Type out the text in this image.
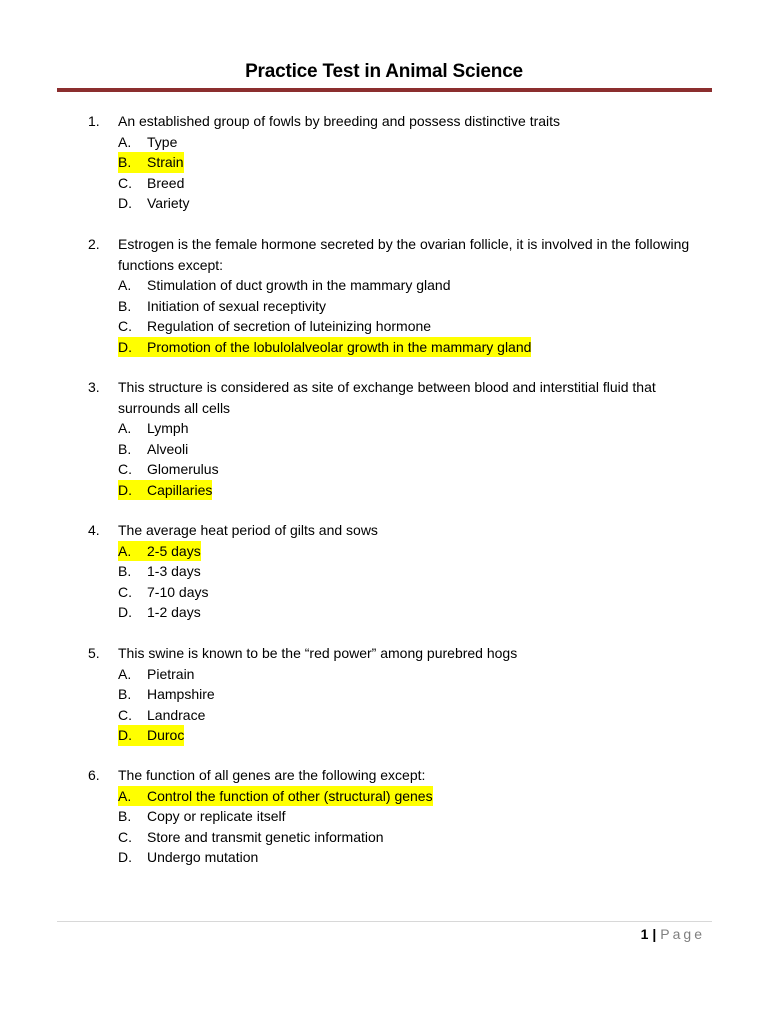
Practice Test in Animal Science
1.	An established group of fowls by breeding and possess distinctive traits
A. Type
B. Strain
C. Breed
D. Variety
2.	Estrogen is the female hormone secreted by the ovarian follicle, it is involved in the following functions except:
A. Stimulation of duct growth in the mammary gland
B. Initiation of sexual receptivity
C. Regulation of secretion of luteinizing hormone
D. Promotion of the lobulolalveolar growth in the mammary gland
3.	This structure is considered as site of exchange between blood and interstitial fluid that surrounds all cells
A. Lymph
B. Alveoli
C. Glomerulus
D. Capillaries
4.	The average heat period of gilts and sows
A. 2-5 days
B. 1-3 days
C. 7-10 days
D. 1-2 days
5.	This swine is known to be the “red power” among purebred hogs
A. Pietrain
B. Hampshire
C. Landrace
D. Duroc
6.	The function of all genes are the following except:
A. Control the function of other (structural) genes
B. Copy or replicate itself
C. Store and transmit genetic information
D. Undergo mutation
1 | Page
